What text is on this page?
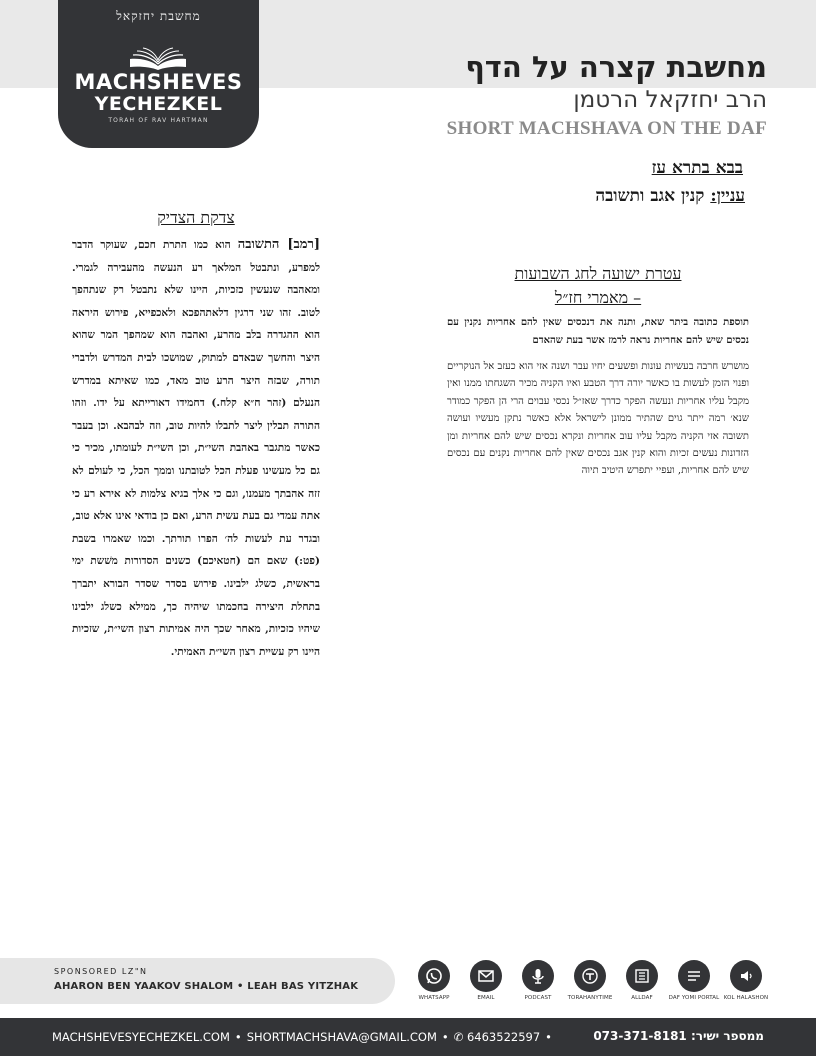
מחשבת יחזקאל
MACHSHEVES
YECHEZKEL
TORAH OF RAV HARTMAN
מחשבת קצרה על הדף
הרב יחזקאל הרטמן
SHORT MACHSHAVA ON THE DAF
בבא בתרא עז
עניין: קנין אגב ותשובה
צדקת הצדיק
[רמב] התשובה הוא כמו התרת חכם, שעוקר הדבר למפרע, ונתבטל המלאך רע הנעשה מהעבירה לגמרי. ומאהבה שנעשין כזכיות, היינו שלא נתבטל רק שנתהפך לטוב. זהו שני דרגין דלאתהפכא ולאכפייא, פירוש היראה הוא ההגדרה בלב מהרע, ואהבה הוא שמהפך המר שהוא היצר והחשך שבאדם למתוק, שמושכו לבית המדרש ולדברי תורה, שבזה היצר הרע טוב מאד, כמו שאיתא במדרש הנעלם (זהר ח״א קלח.) דחמידו דאורייתא על ידו. וזהו התורה תבלין ליצר לתבלו להיות טוב, וזה לבהבא. וכן בעבר כאשר מתגבר באהבת השי״ת, וכן השי״ת לעומתו, מכיר כי גם כל מעשינו פעלת הכל לטובתנו וממך הכל, כי לעולם לא זזה אהבתך מעמנו, וגם כי אלך בגיא צלמות לא אירא רע כי אתה עמדי גם בעת עשית הרע, ואם כן בודאי אינו אלא טוב, ובגדר עת לעשות לה׳ הפרו תורתך. וכמו שאמרו בשבת (פט:) שאם הם (חטאיכם) כשנים הסדורות משׁשת ימי בראשית, כשלג ילבינו. פירוש בסדר שסדר הבורא יתברך בתחלת היצירה בחכמתו שיהיה כך, ממילא כשלג ילבינו שיהיו כזכיות, מאחר שכך היה אמיתות רצון השי״ת, שזכיות היינו רק עשיית רצון השי״ת האמיתי.
עטרת ישועה לחג השבועות
– מאמרי חז״ל
תוספת כתובה ביתר שאת, ותנה את דנכסים שאין להם אחריות נקנין עם נכסים שיש להם אחריות נראה לרמז אשר בעת שהאדם
מושרש חרבה בעשיות עונות ופשעים יחיו עבר ושנה אזי הוא כעזב אל הנוקריים ופנוי הזמן לעשות בו כאשר יורה דרך הטבע ואיו הקניה מכיר השגחתו ממנו ואין מקבל עליו אחריות ונעשה הפקר כדרך שאז״ל נכסי עבוים הרי הן הפקר כמודר שנא׳ רמה ייתר גוים שהתיר ממונן לישראל אלא כאשר נתקן מעשיו ועושה תשובה אזי הקניה מקבל עליו עוב אחריות ונקרא נכסים שיש להם אחריות ומן הזדונות נעשים זכיות והוא קנין אגב נכסים שאין להם אחריות נקנים עם נכסים שיש להם אחריות, ועפיי יתפרש היטיב תיוה
SPONSORED LZ"N
AHARON BEN YAAKOV SHALOM • LEAH BAS YITZHAK
WHATSAPP	EMAIL	PODCAST	TORAHANYTIME	ALLDAF	DAF YOMI PORTAL KOL HALASHON
MACHSHEVESYECHEZKEL.COM • SHORTMACHSHAVA@GMAIL.COM • ✆ 6463522597 •	ממספר ישיר: 073-371-8181
